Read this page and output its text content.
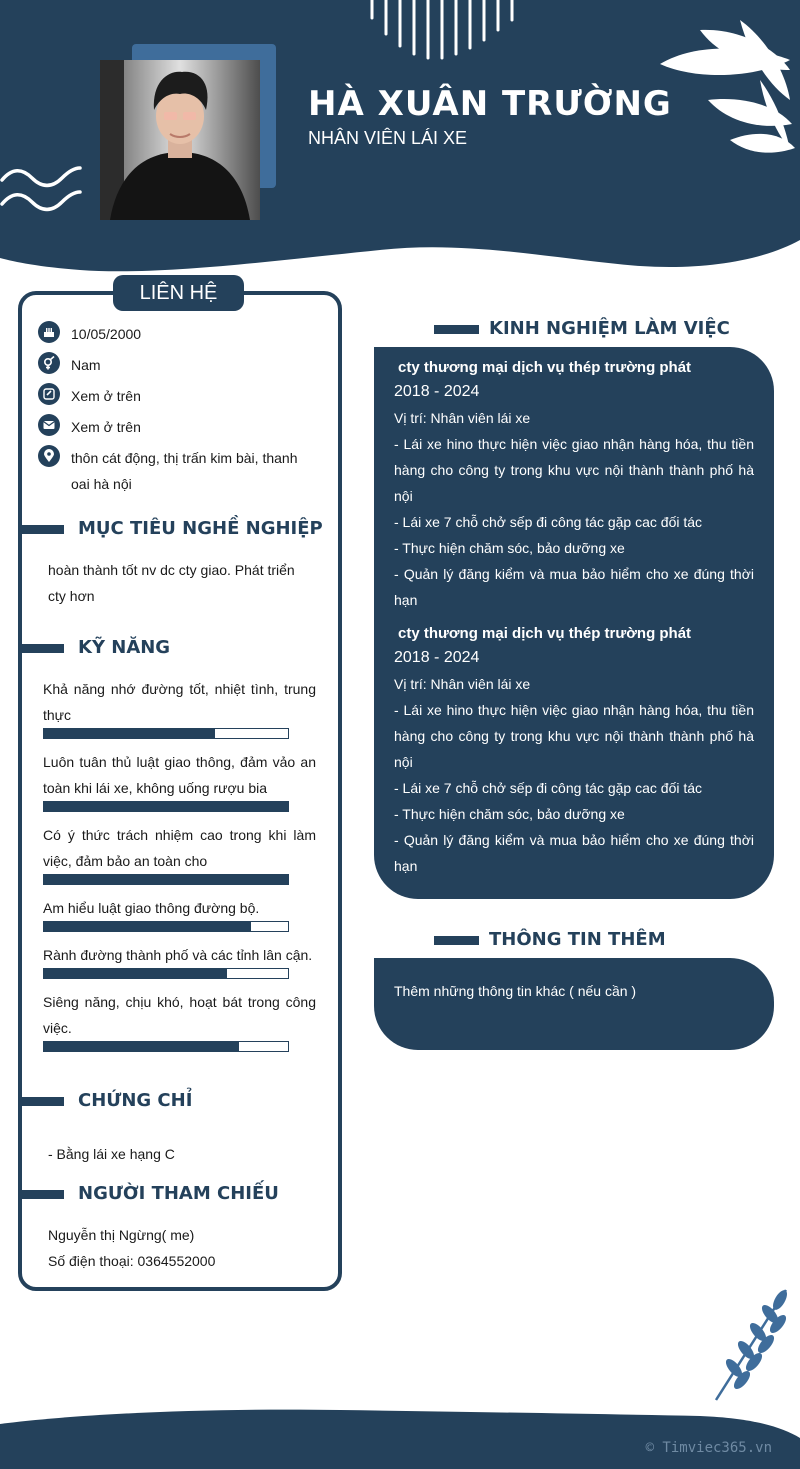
HÀ XUÂN TRƯỜNG
NHÂN VIÊN LÁI XE
LIÊN HỆ
10/05/2000
Nam
Xem ở trên
Xem ở trên
thôn cát động, thị trấn kim bài, thanh oai hà nội
MỤC TIÊU NGHỀ NGHIỆP
hoàn thành tốt nv dc cty giao. Phát triển cty hơn
KỸ NĂNG
Khả năng nhớ đường tốt, nhiệt tình, trung thực
Luôn tuân thủ luật giao thông, đảm vảo an toàn khi lái xe, không uống rượu bia
Có ý thức trách nhiệm cao trong khi làm việc, đảm bảo an toàn cho
Am hiểu luật giao thông đường bộ.
Rành đường thành phố và các tỉnh lân cận.
Siêng năng, chịu khó, hoạt bát trong công việc.
CHỨNG CHỈ
- Bằng lái xe hạng C
NGƯỜI THAM CHIẾU
Nguyễn thị Ngừng( me)
Số điện thoại: 0364552000
KINH NGHIỆM LÀM VIỆC
cty thương mại dịch vụ thép trường phát
2018 - 2024
Vị trí: Nhân viên lái xe
- Lái xe hino thực hiện việc giao nhận hàng hóa, thu tiền hàng cho công ty trong khu vực nội thành thành phố hà nội
- Lái xe 7 chỗ chở sếp đi công tác gặp cac đối tác
- Thực hiện chăm sóc, bảo dưỡng xe
- Quản lý đăng kiểm và mua bảo hiểm cho xe đúng thời hạn
cty thương mại dịch vụ thép trường phát
2018 - 2024
Vị trí: Nhân viên lái xe
- Lái xe hino thực hiện việc giao nhận hàng hóa, thu tiền hàng cho công ty trong khu vực nội thành thành phố hà nội
- Lái xe 7 chỗ chở sếp đi công tác gặp cac đối tác
- Thực hiện chăm sóc, bảo dưỡng xe
- Quản lý đăng kiểm và mua bảo hiểm cho xe đúng thời hạn
THÔNG TIN THÊM
Thêm những thông tin khác ( nếu cần )
© Timviec365.vn
